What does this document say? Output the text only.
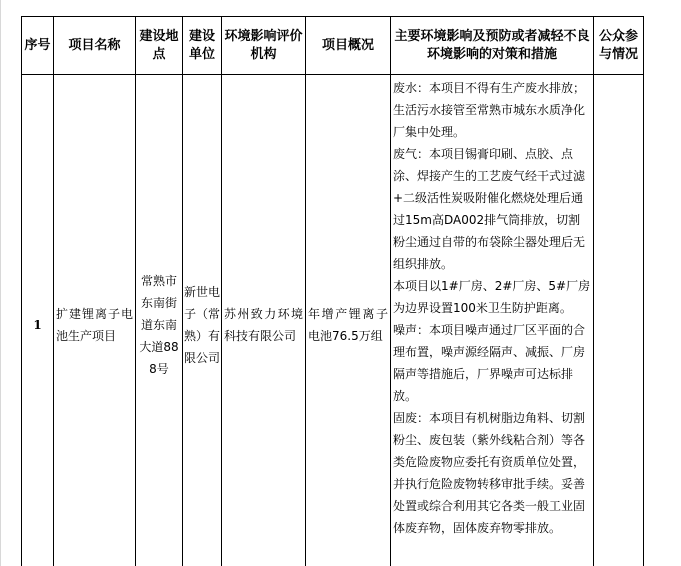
序号	项目名称	建设地点	建设单位	环境影响评价机构	项目概况	主要环境影响及预防或者减轻不良环境影响的对策和措施	公众参与情况
1	扩建锂离子电池生产项目	常熟市东南街道东南大道888号	新世电子（常熟）有限公司	苏州致力环境科技有限公司	年增产锂离子电池76.5万组	废水：本项目不得有生产废水排放；生活污水接管至常熟市城东水质净化厂集中处理。

废气：本项目锡膏印刷、点胶、点涂、焊接产生的工艺废气经干式过滤+二级活性炭吸附催化燃烧处理后通过15m高DA002排气筒排放，切割粉尘通过自带的布袋除尘器处理后无组织排放。

本项目以1#厂房、2#厂房、5#厂房为边界设置100米卫生防护距离。

噪声：本项目噪声通过厂区平面的合理布置，噪声源经隔声、减振、厂房隔声等措施后，厂界噪声可达标排放。

固废：本项目有机树脂边角料、切割粉尘、废包装（紫外线粘合剂）等各类危险废物应委托有资质单位处置，并执行危险废物转移审批手续。妥善处置或综合利用其它各类一般工业固体废弃物，固体废弃物零排放。	
